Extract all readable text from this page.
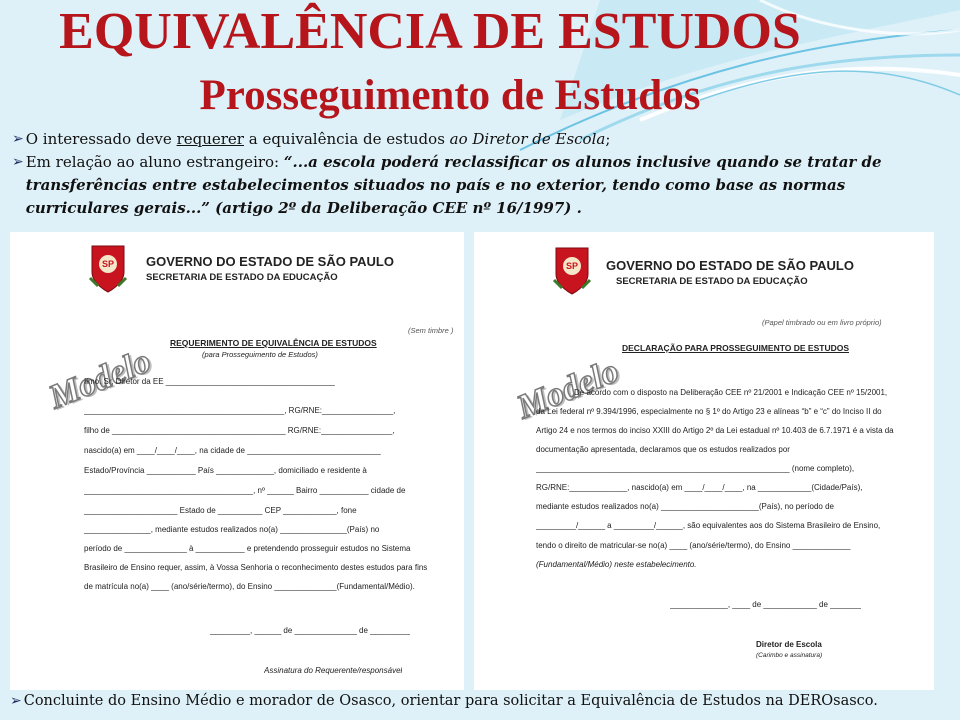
EQUIVALÊNCIA DE ESTUDOS
Prosseguimento de Estudos
➢ O interessado deve requerer a equivalência de estudos ao Diretor de Escola;
➢ Em relação ao aluno estrangeiro: “...a escola poderá reclassificar os alunos inclusive quando se tratar de transferências entre estabelecimentos situados no país e no exterior, tendo como base as normas curriculares gerais...” (artigo 2º da Deliberação CEE nº 16/1997) .
SP GOVERNO DO ESTADO DE SÃO PAULO
SECRETARIA DE ESTADO DA EDUCAÇÃO
Modelo
(Sem timbre )
REQUERIMENTO DE EQUIVALÊNCIA DE ESTUDOS
(para Prosseguimento de Estudos)
Ilmo. Sr. Diretor da EE ______________________________________
_____________________________________________, RG/RNE:________________,
filho de _______________________________________ RG/RNE:________________,
nascido(a) em ____/____/____, na cidade de ______________________________
Estado/Província ___________ País _____________, domiciliado e residente à
______________________________________, nº ______ Bairro ___________ cidade de
_____________________ Estado de __________ CEP ____________, fone
_______________, mediante estudos realizados no(a) _______________(País) no
período de ______________ à ___________ e pretendendo prosseguir estudos no Sistema
Brasileiro de Ensino requer, assim, à Vossa Senhoria o reconhecimento destes estudos para fins
de matrícula no(a) ____ (ano/série/termo), do Ensino ______________(Fundamental/Médio).
_________, ______ de ______________ de _________
Assinatura do Requerente/responsável
SP GOVERNO DO ESTADO DE SÃO PAULO
SECRETARIA DE ESTADO DA EDUCAÇÃO
Modelo
(Papel timbrado ou em livro próprio)
DECLARAÇÃO PARA PROSSEGUIMENTO DE ESTUDOS
De acordo com o disposto na Deliberação CEE nº 21/2001 e Indicação CEE nº 15/2001,
da Lei federal nº 9.394/1996, especialmente no § 1º do Artigo 23 e alíneas “b” e “c” do Inciso II do
Artigo 24 e nos termos do inciso XXIII do Artigo 2º da Lei estadual nº 10.403 de 6.7.1971 é a vista da
documentação apresentada, declaramos que os estudos realizados por
_________________________________________________________ (nome completo),
RG/RNE:_____________, nascido(a) em ____/____/____, na ____________(Cidade/País),
mediante estudos realizados no(a) ______________________(País), no período de
_________/______ a _________/______, são equivalentes aos do Sistema Brasileiro de Ensino,
tendo o direito de matricular-se no(a) ____ (ano/série/termo), do Ensino _____________
(Fundamental/Médio) neste estabelecimento.
_____________, ____ de ____________ de _______
Diretor de Escola
(Carimbo e assinatura)
➢ Concluinte do Ensino Médio e morador de Osasco, orientar para solicitar a Equivalência de Estudos na DEROsasco.
